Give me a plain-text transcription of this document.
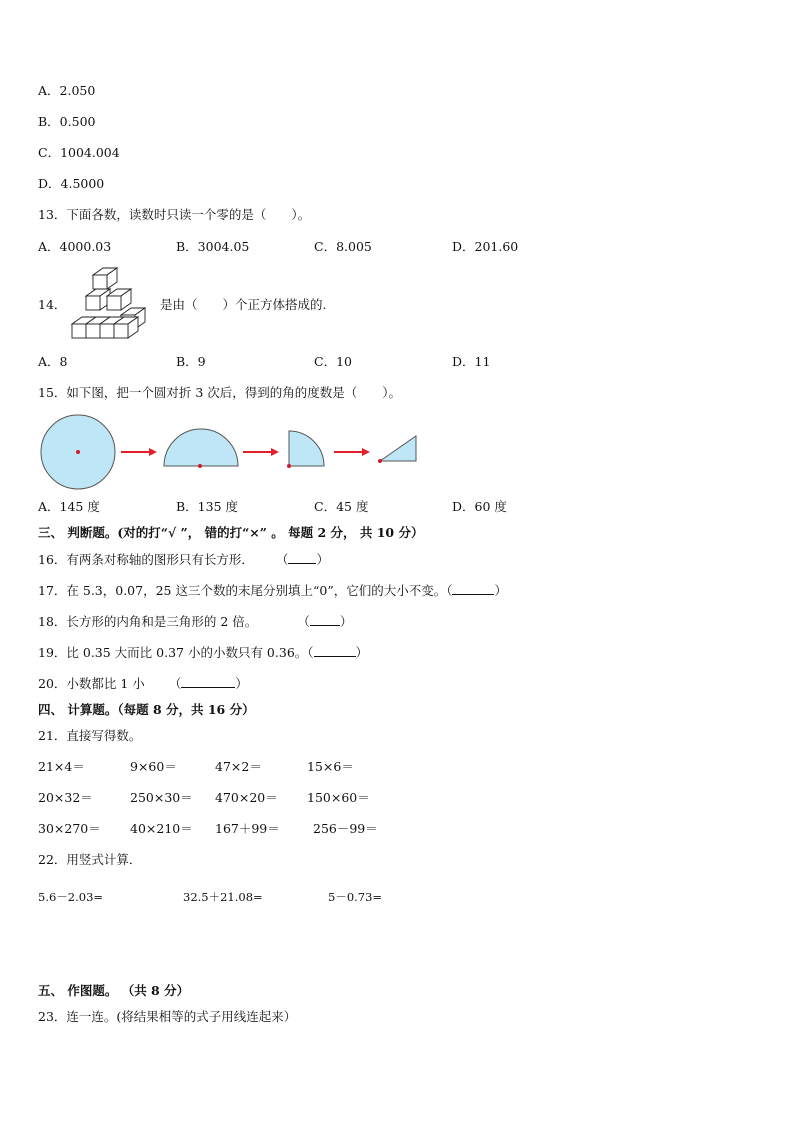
A．2.050
B．0.500
C．1004.004
D．4.5000
13．下面各数，读数时只读一个零的是（　　）。
A．4000.03	B．3004.05	C．8.005	D．201.60
14．	是由（　　）个正方体搭成的.
A．8	B．9	C．10	D．11
15．如下图，把一个圆对折 3 次后，得到的角的度数是（　　）。
A．145 度	B．135 度	C．45 度	D．60 度
三、 判断题。(对的打“√ ”， 错的打“×” 。 每题 2 分， 共 10 分）
16．有两条对称轴的图形只有长方形． （ ）
17．在 5.3，0.07，25 这三个数的末尾分别填上“0”，它们的大小不变。（	）
18．长方形的内角和是三角形的 2 倍。	（ ）
19．比 0.35 大而比 0.37 小的小数只有 0.36。（	）
20．小数都比 1 小 （	）
四、 计算题。（每题 8 分，共 16 分）
21．直接写得数。
21×4＝	9×60＝	47×2＝	15×6＝
20×32＝	250×30＝ 470×20＝ 150×60＝
30×270＝ 40×210＝ 167＋99＝	256－99＝
22．用竖式计算．
5.6－2.03=	32.5＋21.08=	5－0.73=
五、 作图题。 （共 8 分）
23．连一连。(将结果相等的式子用线连起来）
